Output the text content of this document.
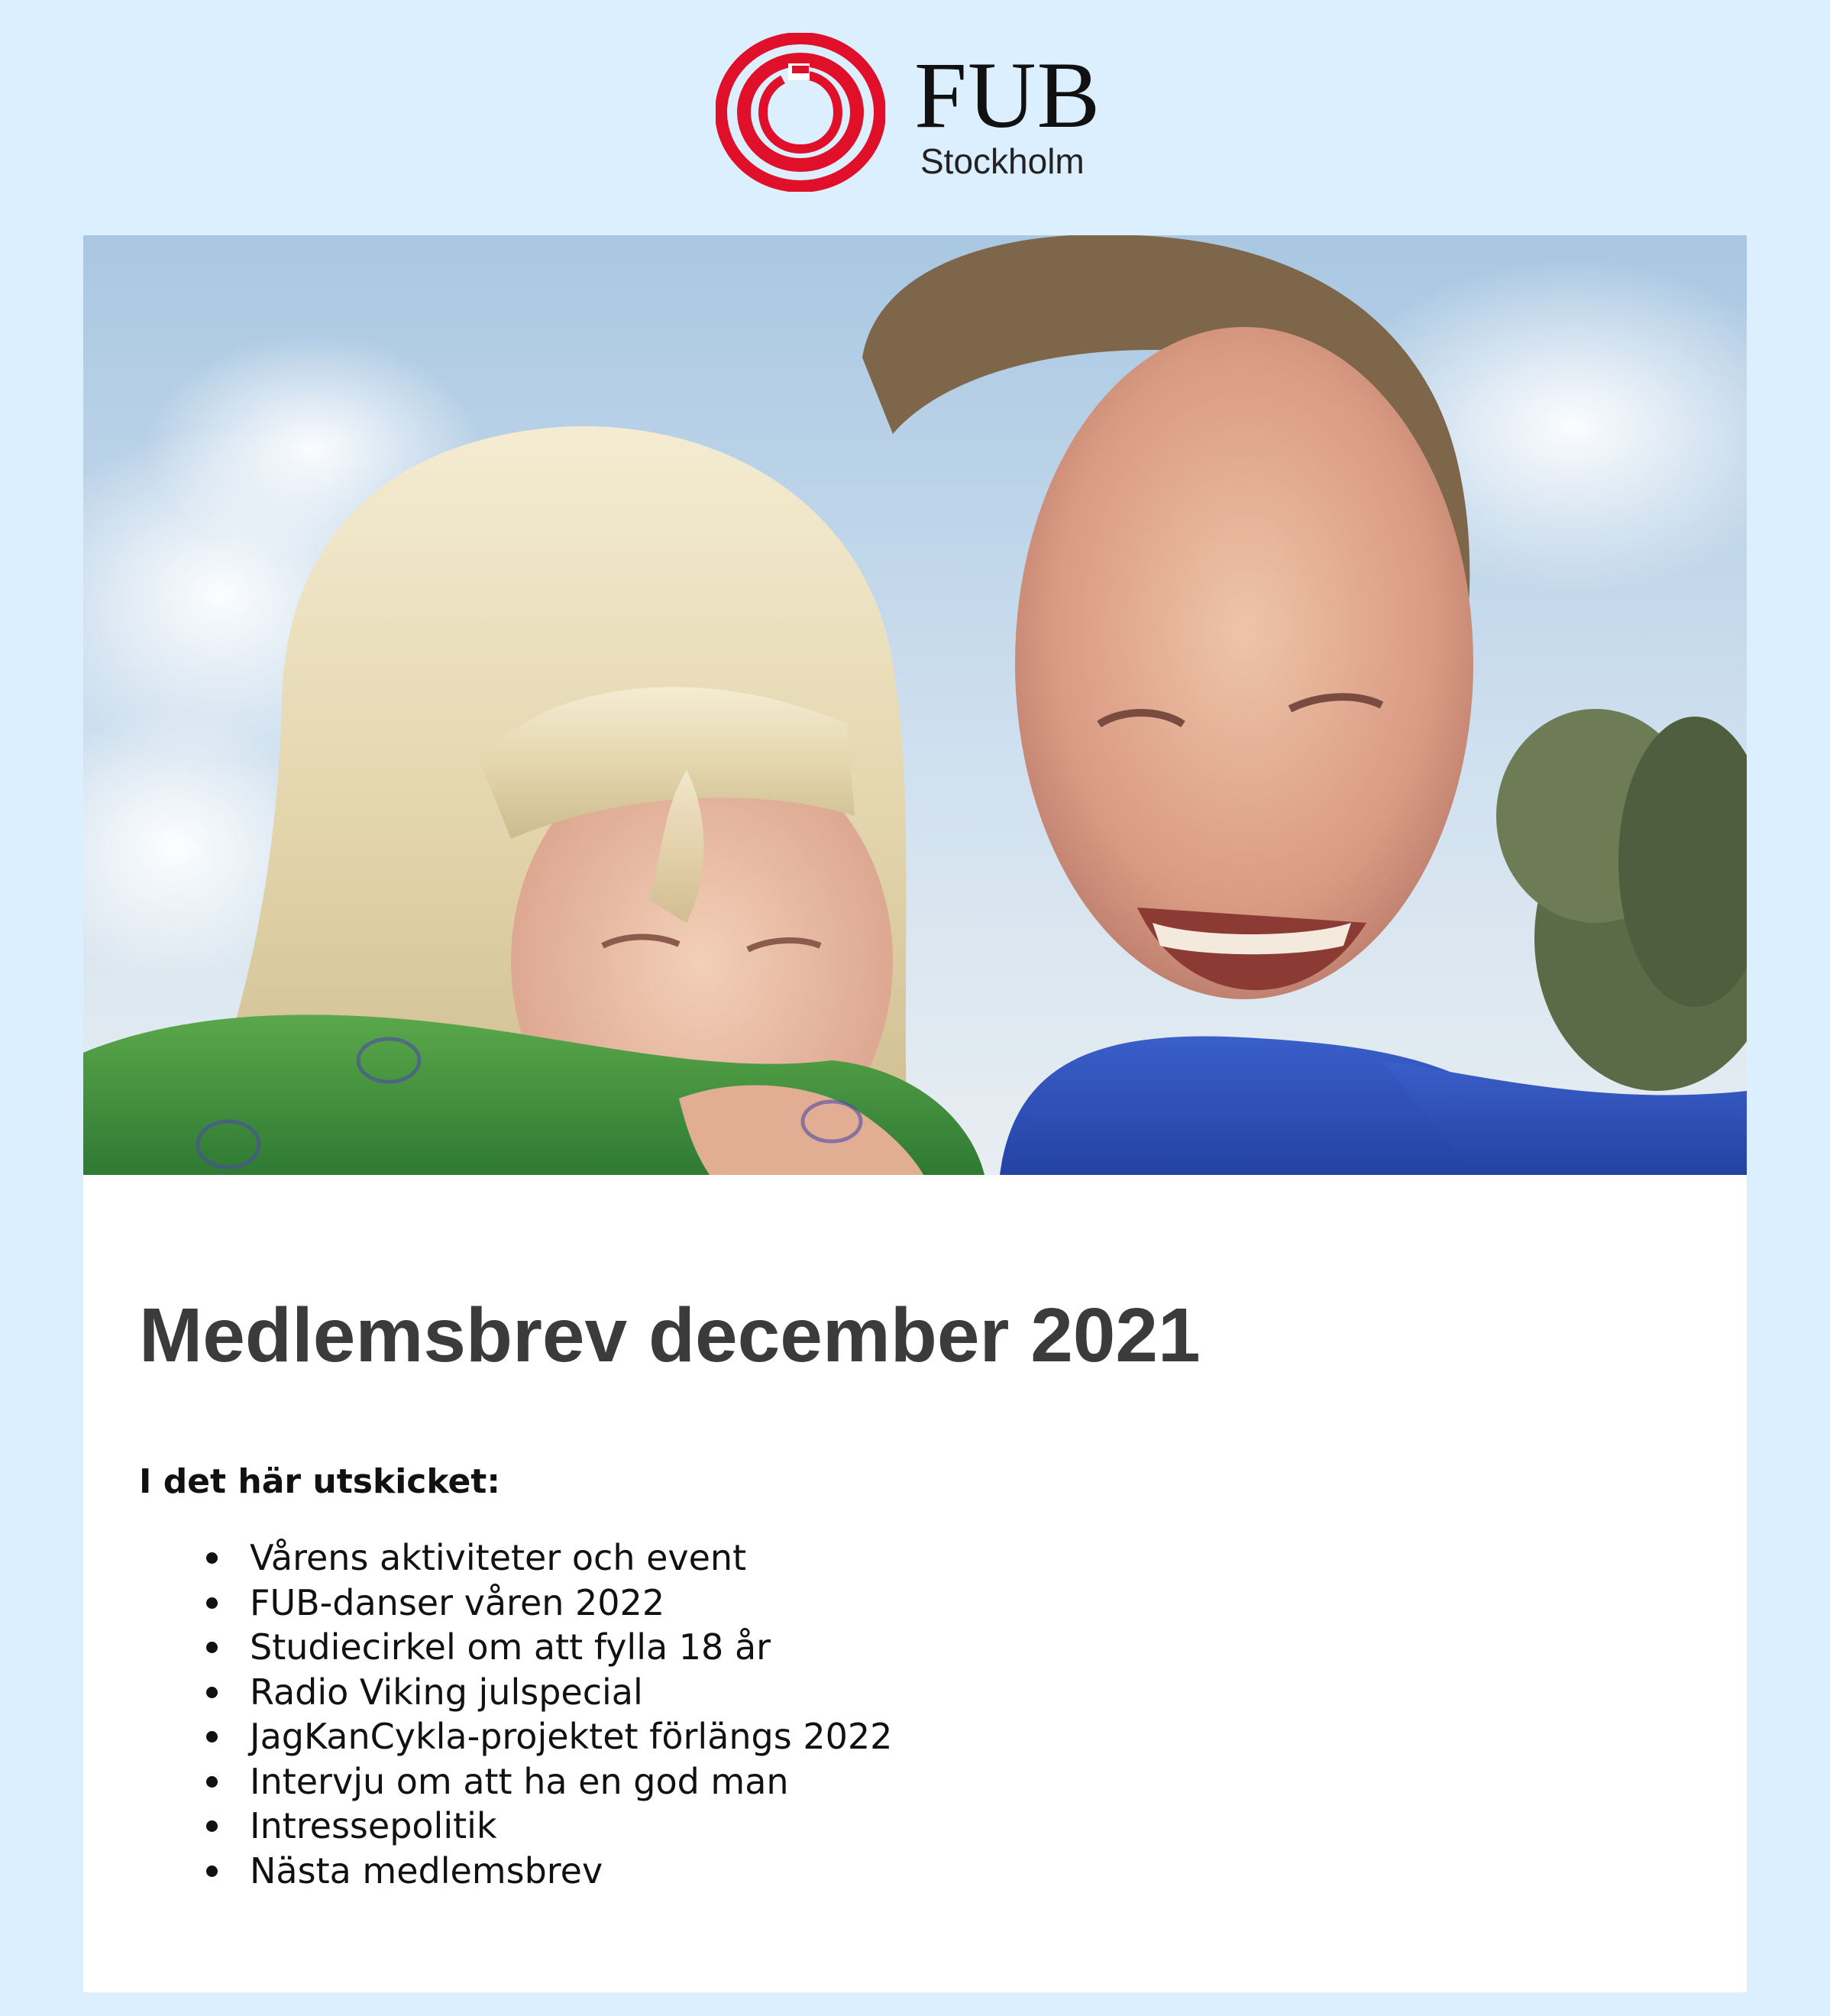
FUB
Stockholm
Medlemsbrev december 2021

I det här utskicket:

Vårens aktiviteter och event
FUB-danser våren 2022
Studiecirkel om att fylla 18 år
Radio Viking julspecial
JagKanCykla-projektet förlängs 2022
Intervju om att ha en god man
Intressepolitik
Nästa medlemsbrev
